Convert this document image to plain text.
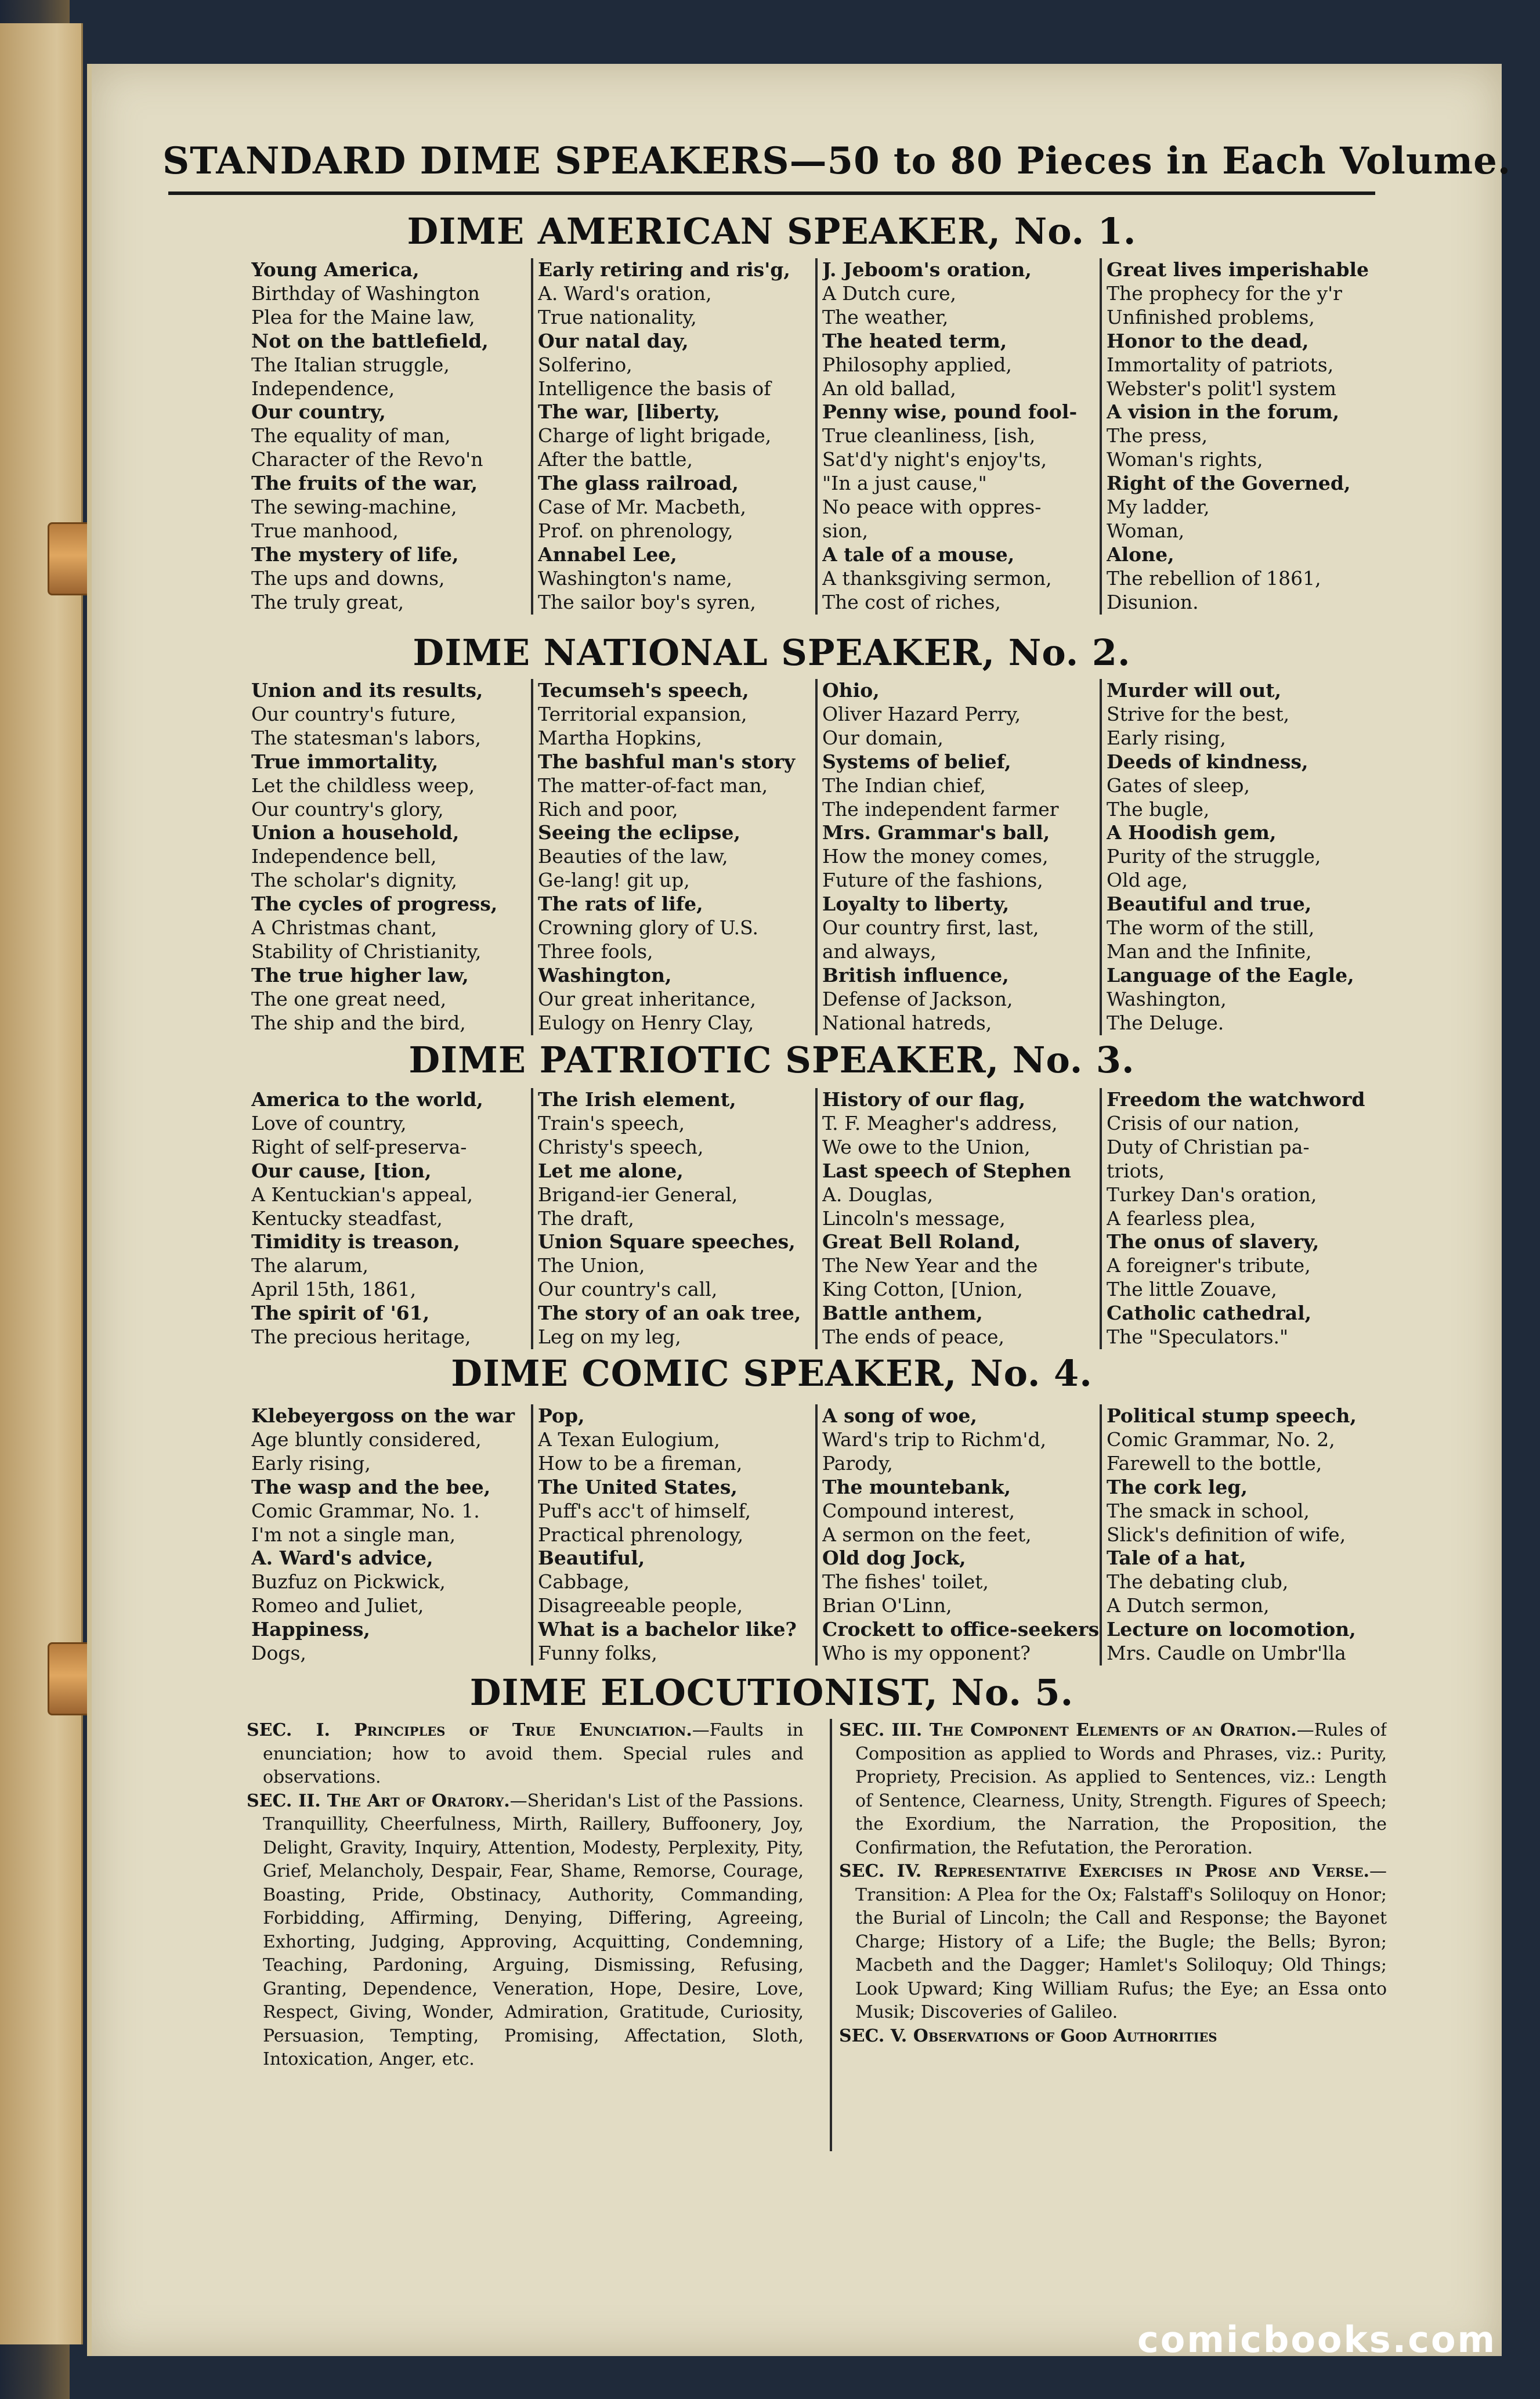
STANDARD DIME SPEAKERS—50 to 80 Pieces in Each Volume.
DIME AMERICAN SPEAKER, No. 1.
Young America,
Birthday of Washington
Plea for the Maine law,
Not on the battlefield,
The Italian struggle,
Independence,
Our country,
The equality of man,
Character of the Revo'n
The fruits of the war,
The sewing-machine,
True manhood,
The mystery of life,
The ups and downs,
The truly great,
Early retiring and ris'g,
A. Ward's oration,
True nationality,
Our natal day,
Solferino,
Intelligence the basis of
The war, [liberty,
Charge of light brigade,
After the battle,
The glass railroad,
Case of Mr. Macbeth,
Prof. on phrenology,
Annabel Lee,
Washington's name,
The sailor boy's syren,
J. Jeboom's oration,
A Dutch cure,
The weather,
The heated term,
Philosophy applied,
An old ballad,
Penny wise, pound fool-
True cleanliness, [ish,
Sat'd'y night's enjoy'ts,
"In a just cause,"
No peace with oppres-
sion,
A tale of a mouse,
A thanksgiving sermon,
The cost of riches,
Great lives imperishable
The prophecy for the y'r
Unfinished problems,
Honor to the dead,
Immortality of patriots,
Webster's polit'l system
A vision in the forum,
The press,
Woman's rights,
Right of the Governed,
My ladder,
Woman,
Alone,
The rebellion of 1861,
Disunion.
DIME NATIONAL SPEAKER, No. 2.
Union and its results,
Our country's future,
The statesman's labors,
True immortality,
Let the childless weep,
Our country's glory,
Union a household,
Independence bell,
The scholar's dignity,
The cycles of progress,
A Christmas chant,
Stability of Christianity,
The true higher law,
The one great need,
The ship and the bird,
Tecumseh's speech,
Territorial expansion,
Martha Hopkins,
The bashful man's story
The matter-of-fact man,
Rich and poor,
Seeing the eclipse,
Beauties of the law,
Ge-lang! git up,
The rats of life,
Crowning glory of U.S.
Three fools,
Washington,
Our great inheritance,
Eulogy on Henry Clay,
Ohio,
Oliver Hazard Perry,
Our domain,
Systems of belief,
The Indian chief,
The independent farmer
Mrs. Grammar's ball,
How the money comes,
Future of the fashions,
Loyalty to liberty,
Our country first, last,
and always,
British influence,
Defense of Jackson,
National hatreds,
Murder will out,
Strive for the best,
Early rising,
Deeds of kindness,
Gates of sleep,
The bugle,
A Hoodish gem,
Purity of the struggle,
Old age,
Beautiful and true,
The worm of the still,
Man and the Infinite,
Language of the Eagle,
Washington,
The Deluge.
DIME PATRIOTIC SPEAKER, No. 3.
America to the world,
Love of country,
Right of self-preserva-
Our cause, [tion,
A Kentuckian's appeal,
Kentucky steadfast,
Timidity is treason,
The alarum,
April 15th, 1861,
The spirit of '61,
The precious heritage,
The Irish element,
Train's speech,
Christy's speech,
Let me alone,
Brigand-ier General,
The draft,
Union Square speeches,
The Union,
Our country's call,
The story of an oak tree,
Leg on my leg,
History of our flag,
T. F. Meagher's address,
We owe to the Union,
Last speech of Stephen
A. Douglas,
Lincoln's message,
Great Bell Roland,
The New Year and the
King Cotton, [Union,
Battle anthem,
The ends of peace,
Freedom the watchword
Crisis of our nation,
Duty of Christian pa-
triots,
Turkey Dan's oration,
A fearless plea,
The onus of slavery,
A foreigner's tribute,
The little Zouave,
Catholic cathedral,
The "Speculators."
DIME COMIC SPEAKER, No. 4.
Klebeyergoss on the war
Age bluntly considered,
Early rising,
The wasp and the bee,
Comic Grammar, No. 1.
I'm not a single man,
A. Ward's advice,
Buzfuz on Pickwick,
Romeo and Juliet,
Happiness,
Dogs,
Pop,
A Texan Eulogium,
How to be a fireman,
The United States,
Puff's acc't of himself,
Practical phrenology,
Beautiful,
Cabbage,
Disagreeable people,
What is a bachelor like?
Funny folks,
A song of woe,
Ward's trip to Richm'd,
Parody,
The mountebank,
Compound interest,
A sermon on the feet,
Old dog Jock,
The fishes' toilet,
Brian O'Linn,
Crockett to office-seekers
Who is my opponent?
Political stump speech,
Comic Grammar, No. 2,
Farewell to the bottle,
The cork leg,
The smack in school,
Slick's definition of wife,
Tale of a hat,
The debating club,
A Dutch sermon,
Lecture on locomotion,
Mrs. Caudle on Umbr'lla
DIME ELOCUTIONIST, No. 5.
SEC. I. Principles of True Enunciation.—Faults in enunciation; how to avoid them. Special rules and observations.
SEC. II. The Art of Oratory.—Sheridan's List of the Passions. Tranquillity, Cheerfulness, Mirth, Raillery, Buffoonery, Joy, Delight, Gravity, Inquiry, Attention, Modesty, Perplexity, Pity, Grief, Melancholy, Despair, Fear, Shame, Remorse, Courage, Boasting, Pride, Obstinacy, Authority, Commanding, Forbidding, Affirming, Denying, Differing, Agreeing, Exhorting, Judging, Approving, Acquitting, Condemning, Teaching, Pardoning, Arguing, Dismissing, Refusing, Granting, Dependence, Veneration, Hope, Desire, Love, Respect, Giving, Wonder, Admiration, Gratitude, Curiosity, Persuasion, Tempting, Promising, Affectation, Sloth, Intoxication, Anger, etc.
SEC. III. The Component Elements of an Oration.—Rules of Composition as applied to Words and Phrases, viz.: Purity, Propriety, Precision. As applied to Sentences, viz.: Length of Sentence, Clearness, Unity, Strength. Figures of Speech; the Exordium, the Narration, the Proposition, the Confirmation, the Refutation, the Peroration.
SEC. IV. Representative Exercises in Prose and Verse.—Transition: A Plea for the Ox; Falstaff's Soliloquy on Honor; the Burial of Lincoln; the Call and Response; the Bayonet Charge; History of a Life; the Bugle; the Bells; Byron; Macbeth and the Dagger; Hamlet's Soliloquy; Old Things; Look Upward; King William Rufus; the Eye; an Essa onto Musik; Discoveries of Galileo.
SEC. V. Observations of Good Authorities
comicbooks.com
